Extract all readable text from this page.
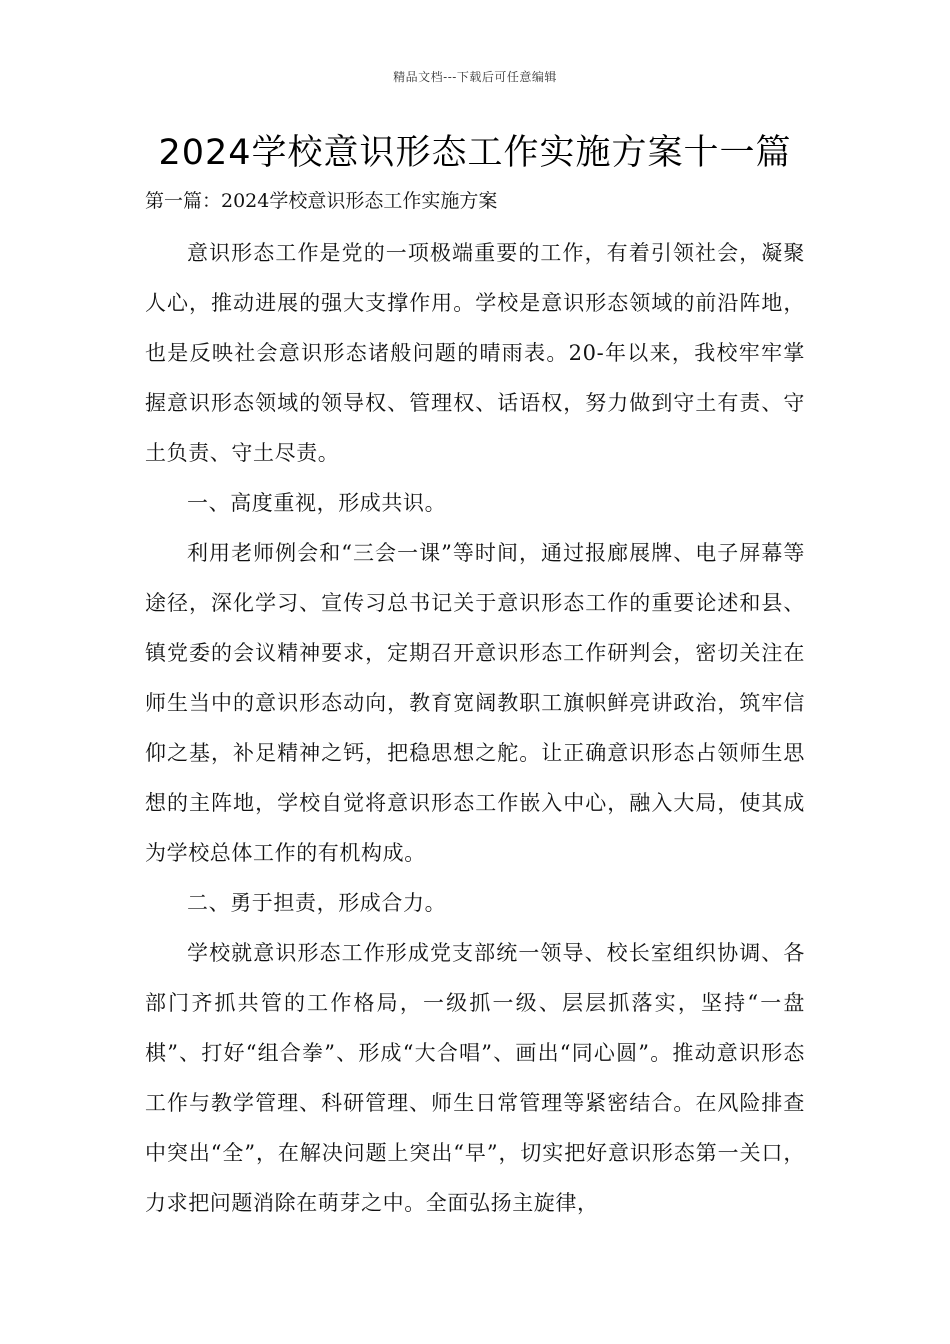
精品文档---下载后可任意编辑
2024学校意识形态工作实施方案十一篇
第一篇：2024学校意识形态工作实施方案

意识形态工作是党的一项极端重要的工作，有着引领社会，凝聚人心，推动进展的强大支撑作用。学校是意识形态领域的前沿阵地，也是反映社会意识形态诸般问题的晴雨表。20-年以来，我校牢牢掌握意识形态领域的领导权、管理权、话语权，努力做到守土有责、守土负责、守土尽责。

一、高度重视，形成共识。

利用老师例会和“三会一课”等时间，通过报廊展牌、电子屏幕等途径，深化学习、宣传习总书记关于意识形态工作的重要论述和县、镇党委的会议精神要求，定期召开意识形态工作研判会，密切关注在师生当中的意识形态动向，教育宽阔教职工旗帜鲜亮讲政治，筑牢信仰之基，补足精神之钙，把稳思想之舵。让正确意识形态占领师生思想的主阵地，学校自觉将意识形态工作嵌入中心，融入大局，使其成为学校总体工作的有机构成。

二、勇于担责，形成合力。

学校就意识形态工作形成党支部统一领导、校长室组织协调、各部门齐抓共管的工作格局，一级抓一级、层层抓落实，坚持“一盘棋”、打好“组合拳”、形成“大合唱”、画出“同心圆”。推动意识形态工作与教学管理、科研管理、师生日常管理等紧密结合。在风险排查中突出“全”，在解决问题上突出“早”，切实把好意识形态第一关口，力求把问题消除在萌芽之中。全面弘扬主旋律，
